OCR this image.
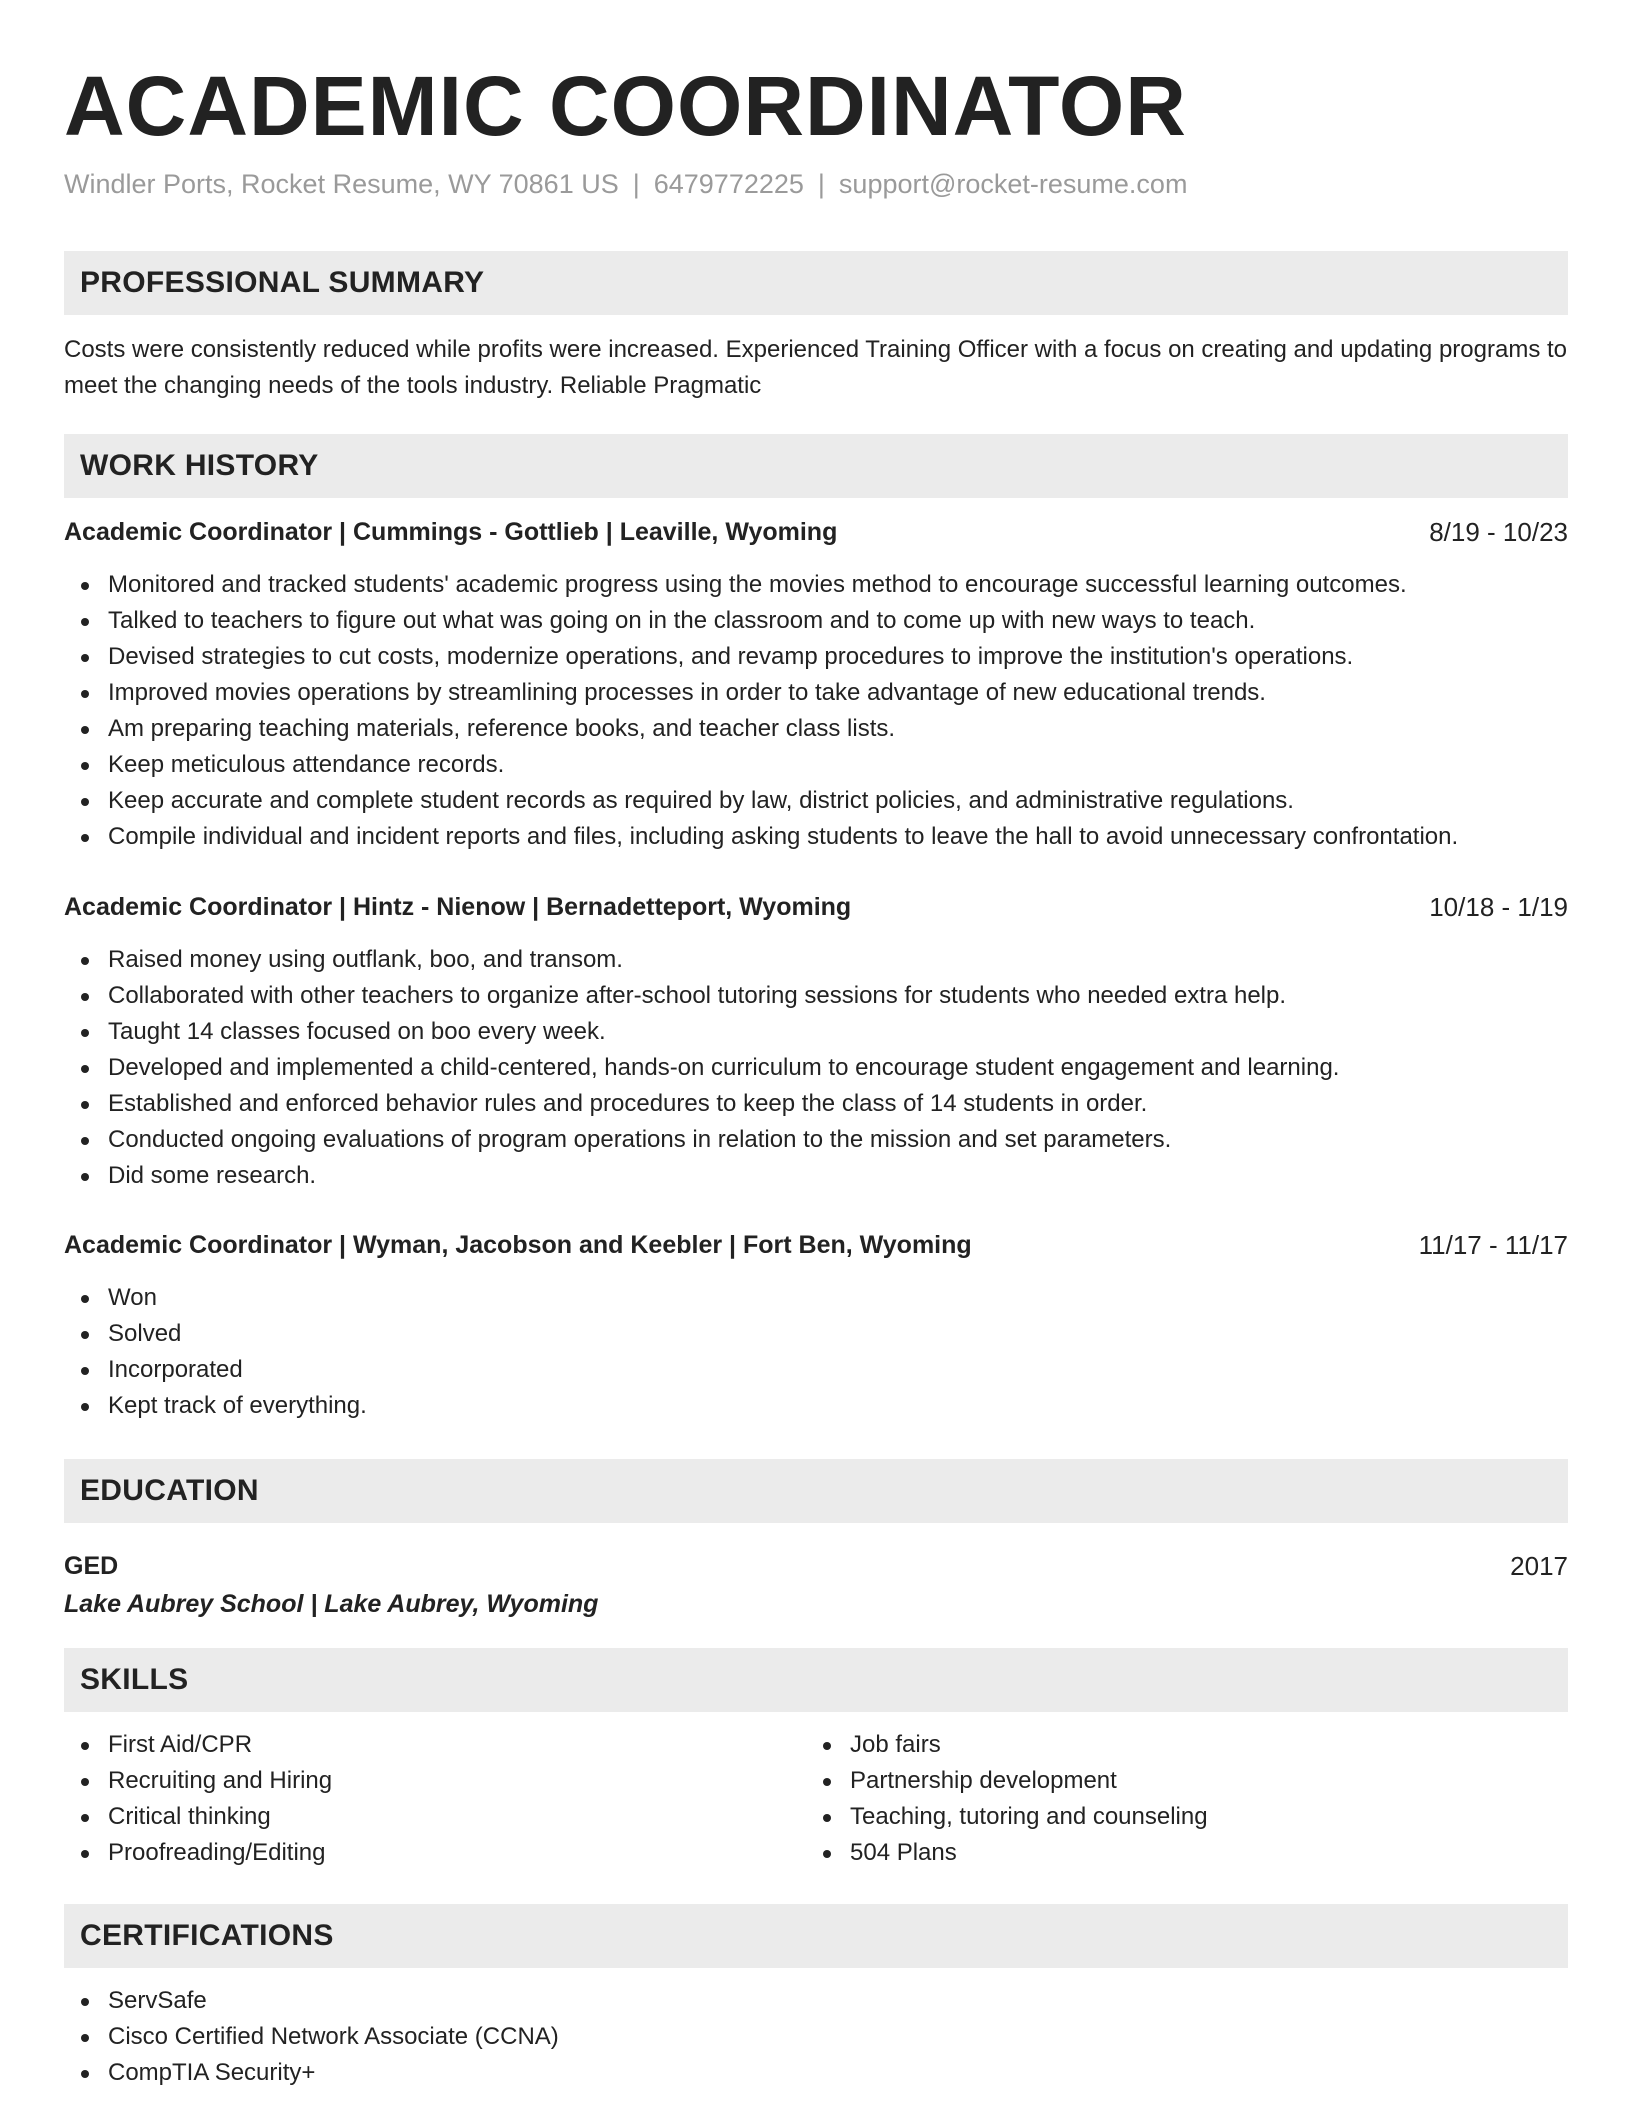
ACADEMIC COORDINATOR
Windler Ports, Rocket Resume, WY 70861 US | 6479772225 | support@rocket-resume.com
PROFESSIONAL SUMMARY
Costs were consistently reduced while profits were increased. Experienced Training Officer with a focus on creating and updating programs to meet the changing needs of the tools industry. Reliable Pragmatic
WORK HISTORY
Academic Coordinator | Cummings - Gottlieb | Leaville, Wyoming	8/19 - 10/23
Monitored and tracked students' academic progress using the movies method to encourage successful learning outcomes.
Talked to teachers to figure out what was going on in the classroom and to come up with new ways to teach.
Devised strategies to cut costs, modernize operations, and revamp procedures to improve the institution's operations.
Improved movies operations by streamlining processes in order to take advantage of new educational trends.
Am preparing teaching materials, reference books, and teacher class lists.
Keep meticulous attendance records.
Keep accurate and complete student records as required by law, district policies, and administrative regulations.
Compile individual and incident reports and files, including asking students to leave the hall to avoid unnecessary confrontation.
Academic Coordinator | Hintz - Nienow | Bernadetteport, Wyoming	10/18 - 1/19
Raised money using outflank, boo, and transom.
Collaborated with other teachers to organize after-school tutoring sessions for students who needed extra help.
Taught 14 classes focused on boo every week.
Developed and implemented a child-centered, hands-on curriculum to encourage student engagement and learning.
Established and enforced behavior rules and procedures to keep the class of 14 students in order.
Conducted ongoing evaluations of program operations in relation to the mission and set parameters.
Did some research.
Academic Coordinator | Wyman, Jacobson and Keebler | Fort Ben, Wyoming	11/17 - 11/17
Won
Solved
Incorporated
Kept track of everything.
EDUCATION
GED	2017
Lake Aubrey School | Lake Aubrey, Wyoming
SKILLS
First Aid/CPR
Recruiting and Hiring
Critical thinking
Proofreading/Editing
Job fairs
Partnership development
Teaching, tutoring and counseling
504 Plans
CERTIFICATIONS
ServSafe
Cisco Certified Network Associate (CCNA)
CompTIA Security+
